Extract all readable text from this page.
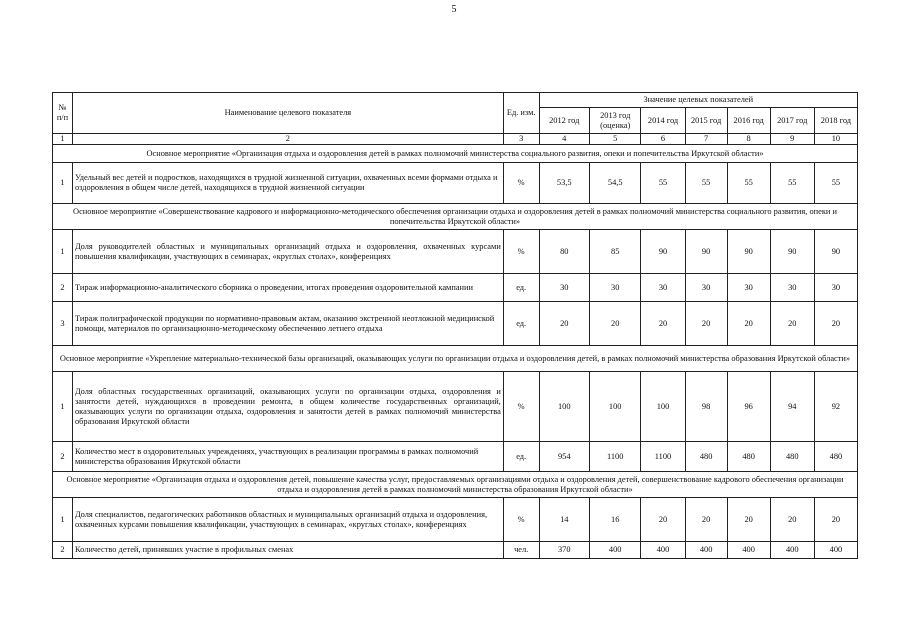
5
№ п/п	Наименование целевого показателя	Ед. изм.	Значение целевых показателей						
			2012 год	2013 год (оценка)	2014 год	2015 год	2016 год	2017 год	2018 год
1	2	3	4	5	6	7	8	9	10
Основное мероприятие «Организация отдыха и оздоровления детей в рамках полномочий министерства социального развития, опеки и попечительства Иркутской области»									
1	Удельный вес детей и подростков, находящихся в трудной жизненной ситуации, охваченных всеми формами отдыха и оздоровления в общем числе детей, находящихся в трудной жизненной ситуации	%	53,5	54,5	55	55	55	55	55
Основное мероприятие «Совершенствование кадрового и информационно-методического обеспечения организации отдыха и оздоровления детей в рамках полномочий министерства социального развития, опеки и попечительства Иркутской области»									
1	Доля руководителей областных и муниципальных организаций отдыха и оздоровления, охваченных курсами повышения квалификации, участвующих в семинарах, «круглых столах», конференциях	%	80	85	90	90	90	90	90
2	Тираж информационно-аналитического сборника о проведении, итогах проведения оздоровительной кампании	ед.	30	30	30	30	30	30	30
3	Тираж полиграфической продукции по нормативно-правовым актам, оказанию экстренной неотложной медицинской помощи, материалов по организационно-методическому обеспечению летнего отдыха	ед.	20	20	20	20	20	20	20
Основное мероприятие «Укрепление материально-технической базы организаций, оказывающих услуги по организации отдыха и оздоровления детей, в рамках полномочий министерства образования Иркутской области»									
1	Доля областных государственных организаций, оказывающих услуги по организации отдыха, оздоровления и занятости детей, нуждающихся в проведении ремонта, в общем количестве государственных организаций, оказывающих услуги по организации отдыха, оздоровления и занятости детей в рамках полномочий министерства образования Иркутской области	%	100	100	100	98	96	94	92
2	Количество мест в оздоровительных учреждениях, участвующих в реализации программы в рамках полномочий министерства образования Иркутской области	ед.	954	1100	1100	480	480	480	480
Основное мероприятие «Организация отдыха и оздоровления детей, повышение качества услуг, предоставляемых организациями отдыха и оздоровления детей, совершенствование кадрового обеспечения организации отдыха и оздоровления детей в рамках полномочий министерства образования Иркутской области»									
1	Доля специалистов, педагогических работников областных и муниципальных организаций отдыха и оздоровления, охваченных курсами повышения квалификации, участвующих в семинарах, «круглых столах», конференциях	%	14	16	20	20	20	20	20
2	Количество детей, принявших участие в профильных сменах	чел.	370	400	400	400	400	400	400
